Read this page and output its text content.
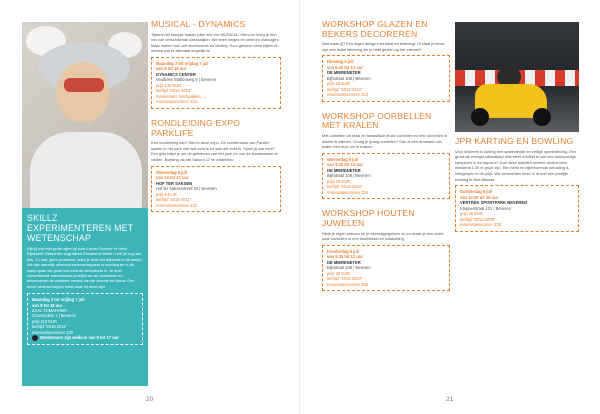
SKILLZ EXPERIMENTEREN MET WETENSCHAP
Kijk jij ook met grote ogen op naar Lieven Scheire of Henk Rijckaert? Misschien zegt Albert Einstein of Marie Curie je nog wel iets. Zo niet, geen probleem, want je leert het allemaal in dit kamp! We zijn namelijk allemaal wetenschappers in wording en in dit kamp gaan we gaan ook echt de laboratoria in. Je doet verschillende interessante proefjes en we ontdekken en bewonderen de wondere wereld van de chemie en fysica. Een échte wetenschapper weet waar hij moet zijn!
Maandag 3 tot vrijdag 7 juli
van 9 tot 16 uur
ZAAL TOMAHAWK
Gravenplein 1 | Beveren
prijs 110 EUR
leeftijd "2015-2011"
reservatienummer Z20
Deelnemers zijn welkom van 8 tot 17 uur
MUSICAL - DYNAMICS
Tijdens het kampje maken jullie zelf een MUSICAL! Hiervoor leerg je een mix van verschillende danssstijlen. We leren liedjes en oefenen dialoogjes. Maar maken ook zelf accessoires en kleding. Kom gewoon eens kijken en ontdek wat er allemaal mogelijk is!
Maandag 3 tot vrijdag 7 juli
van 9 tot 16 uur
DYNAMICS CENTER
Veulbeke Stationweg 8 | Beveren
prijs 130 EUR
leeftijd "2014-2012"
meenemen: lunchpakket, ...
reservatienummer Z21
RONDLEIDING EXPO PARKLIFE
Een rondleiding kan? Niet in deze expo. De kunstenaars van Parklife spelen in het park met wat echt is en wat niet echt is. Speel jij ook mee? Een gids helpt je om de geheimen van het park en van de kunstwerken te vinden. Boeking via het Sakura 17 te ontdekken.
Woensdag 5 juli
van 14 tot 17 uur
HOF TER SAKSEN
Hof ter Saksendreef 34 | Beveren
prijs 5 EUR
leeftijd "2014-2011"
reservatienummer Z22
20
WORKSHOP GLAZEN EN BEKERS DECOREREN
Wat maak jij? Een eigen design met tekst en tekening! Of staat je liever van een leuke tekening die je hebt gezien op het internet?
Dinsdag 4 juli
van 9.30 tot 12 uur
DE MIERENETER
Bijhstraat 108 | Beveren
prijs 25 EUR
leeftijd "2013-2010"
reservatienummer Z23
WORKSHOP OORBELLEN MET KRALEN
Met oorbellen uit kraal en fantastisch leuke oorbellen en leer oorbellen in allerlei te stileren. Draag je graag oorbellen? Dan is een armband van kralen een leuk om te maken.
Woensdag 5 juli
van 9.30 tot 12 uur
DE MIERENETER
Bijhstraat 108 | Beveren
prijs 25 EUR
leeftijd "2013-2010"
reservatienummer Z24
WORKSHOP HOUTEN JUWELEN
Niets je eigen patroon en je bevestigingsklem en zo maak je een uniek paar oorbellen of een hoofdeksel en halsketting.
Donderdag 6 juli
van 9.30 tot 12 uur
DE MIERENETER
Bijhstraat 108 | Beveren
prijs 25 EUR
leeftijd "2013-2010"
reservatienummer Z25
JPR KARTING EN BOWLING
Voor kinderen is karting een opwindende en veilige sportbeleving. Een gezonde energie-uitlaatklep! Wie weet ontdekt er wel een toekomstige kampioen in uw kapoen? Voor deze activiteit moeten deelnemers minstens 1,30 m groot zijn. Een helm en bijbehorende uitrusting is inbegrepen in de prijs. We verwachten deze nl af met een partijtje bowling te Sint-Niklaas.
Donderdag 6 juli
van 12.30 tot 16 uur
VERTREK SPORTPARK BEVEREN
Klapperstraat 101 | Beveren
prijs 35 EUR
leeftijd "2013-2008"
reservatienummer Z26
21
